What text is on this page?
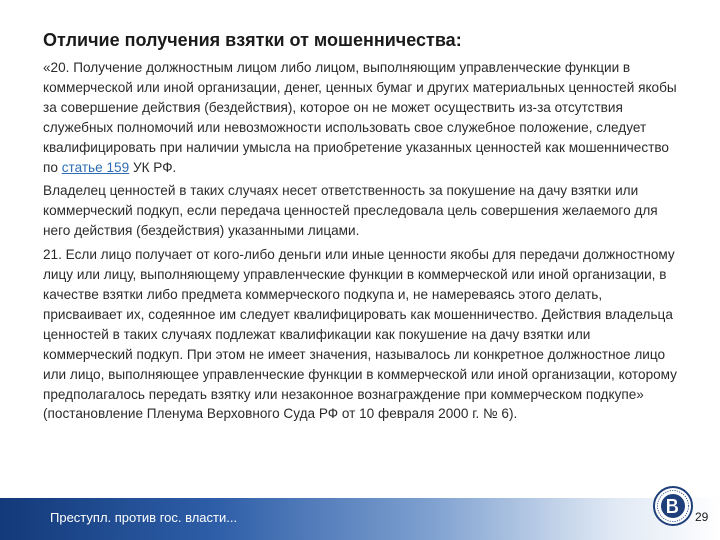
Отличие получения взятки от мошенничества:

«20. Получение должностным лицом либо лицом, выполняющим управленческие функции в коммерческой или иной организации, денег, ценных бумаг и других материальных ценностей якобы за совершение действия (бездействия), которое он не может осуществить из-за отсутствия служебных полномочий или невозможности использовать свое служебное положение, следует квалифицировать при наличии умысла на приобретение указанных ценностей как мошенничество по статье 159 УК РФ.

Владелец ценностей в таких случаях несет ответственность за покушение на дачу взятки или коммерческий подкуп, если передача ценностей преследовала цель совершения желаемого для него действия (бездействия) указанными лицами.

21. Если лицо получает от кого-либо деньги или иные ценности якобы для передачи должностному лицу или лицу, выполняющему управленческие функции в коммерческой или иной организации, в качестве взятки либо предмета коммерческого подкупа и, не намереваясь этого делать, присваивает их, содеянное им следует квалифицировать как мошенничество. Действия владельца ценностей в таких случаях подлежат квалификации как покушение на дачу взятки или коммерческий подкуп. При этом не имеет значения, называлось ли конкретное должностное лицо или лицо, выполняющее управленческие функции в коммерческой или иной организации, которому предполагалось передать взятку или незаконное вознаграждение при коммерческом подкупе» (постановление Пленума Верховного Суда РФ от 10 февраля 2000 г. № 6).

Преступл. против гос. власти...	29
